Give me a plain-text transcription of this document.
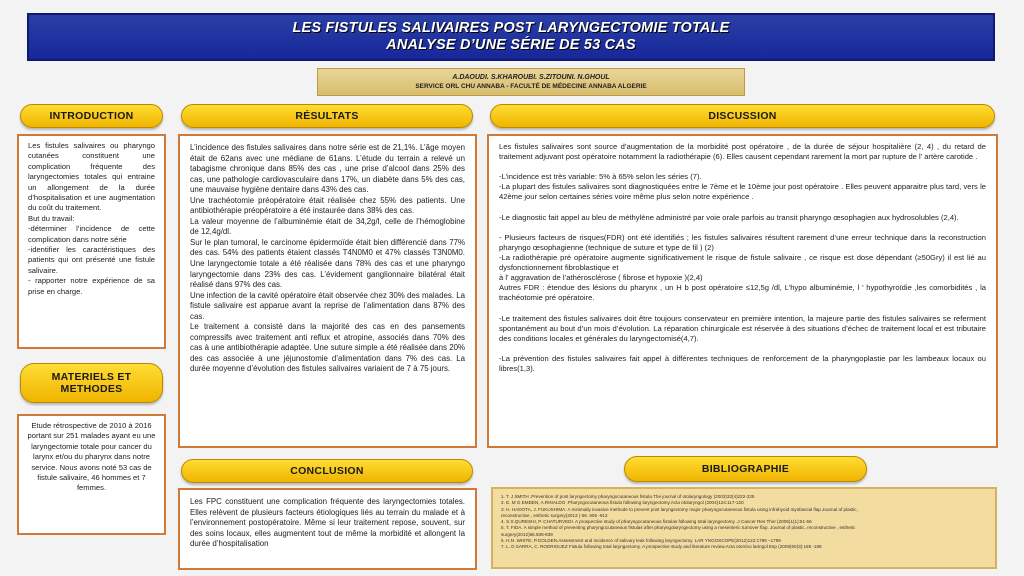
LES FISTULES SALIVAIRES POST LARYNGECTOMIE TOTALE
ANALYSE D’UNE SÉRIE DE 53 CAS
A.DAOUDI. S.KHAROUBI. S.ZITOUNI. N.GHOUL
SERVICE ORL CHU ANNABA - FACULTÉ DE MÉDECINE ANNABA ALGERIE
INTRODUCTION
Les fistules salivaires ou pharyngo cutanées constituent une complication fréquente des laryngectomies totales qui entraine un allongement de la durée d’hospitalisation et une augmentation du coût du traitement.
But du travail:
-déterminer l’incidence de cette complication dans notre série
-identifier les caractéristiques des patients qui ont présenté une fistule salivaire.
- rapporter notre expérience de sa prise en charge.
MATERIELS ET
METHODES
Etude rétrospective de 2010 à 2016 portant sur 251 malades ayant eu une laryngectomie totale pour cancer du larynx et/ou du pharynx dans notre service. Nous avons noté 53 cas de fistule salivaire, 46 hommes et 7 femmes.
RÉSULTATS
L’incidence des fistules salivaires dans notre série est de 21,1%. L’âge moyen était de 62ans avec une médiane de 61ans. L’étude du terrain a relevé un tabagisme chronique dans 85% des cas , une prise d’alcool dans 25% des cas, une pathologie cardiovasculaire dans 17%, un diabète dans 5% des cas, une mauvaise hygiène dentaire dans 43% des cas.
Une trachéotomie préopératoire était réalisée chez 55% des patients. Une antibiothérapie préopératoire a été instaurée dans 38% des cas.
La valeur moyenne de l’albuminémie était de 34,2g/l, celle de l’hémoglobine de 12,4g/dl.
Sur le plan tumoral, le carcinome épidermoïde était bien différencié dans 77% des cas. 54% des patients étaient classés T4N0M0 et 47% classés T3N0M0. Une laryngectomie totale a été réalisée dans 78% des cas et une pharyngo laryngectomie dans 23% des cas. L’évidement ganglionnaire bilatéral était réalisé dans 97% des cas.
Une infection de la cavité opératoire était observée chez 30% des malades. La fistule salivaire est apparue avant la reprise de l’alimentation dans 87% des cas.
Le traitement a consisté dans la majorité des cas en des pansements compressifs avec traitement anti reflux et atropine, associés dans 70% des cas à une antibiothérapie adaptée. Une suture simple a été réalisée dans 20% des cas associée à une jéjunostomie d’alimentation dans 7% des cas. La durée moyenne d’évolution des fistules salivaires variaient de 7 à 75 jours.
DISCUSSION

Les fistules salivaires sont source d’augmentation de la morbidité post opératoire , de la durée de séjour hospitalière (2, 4) , du retard de traitement adjuvant post opératoire notamment la radiothérapie (6). Elles causent cependant rarement la mort par rupture de l’ artère carotide .

-L’incidence est très variable: 5% à 65% selon les séries (7).

-La plupart des fistules salivaires sont diagnostiquées entre le 7ème et le 10ème jour post opératoire . Elles peuvent apparaitre plus tard, vers le 42ème jour selon certaines séries voire même plus selon notre expérience .

-Le diagnostic fait appel au bleu de méthylène administré par voie orale parfois au transit pharyngo œsophagien aux hydrosolubles (2,4).

- Plusieurs facteurs de risques(FDR) ont été identifiés ; les fistules salivaires résultent rarement d’une erreur technique dans la reconstruction pharyngo œsophagienne (technique de suture et type de fil ) (2)

-La radiothérapie pré opératoire augmente significativement le risque de fistule salivaire , ce risque est dose dépendant (≥50Gry) il est lié au dysfonctionnement fibroblastique et

à l’ aggravation de l’athérosclérose ( fibrose et hypoxie )(2,4)

Autres FDR : étendue des lésions du pharynx , un H b post opératoire ≤12,5g /dl, L’hypo albuminémie, l ’ hypothyroïdie ,les comorbidités , la trachéotomie pré opératoire.

-Le traitement des fistules salivaires doit être toujours conservateur en première intention, la majeure partie des fistules salivaires se referment spontanément au bout d’un mois d’évolution. La réparation chirurgicale est réservée à des situations d’échec de traitement local et est tributaire des conditions locales et générales du laryngectomisé(4,7).

-La prévention des fistules salivaires fait appel à différentes techniques de renforcement de la pharyngoplastie par les lambeaux locaux ou libres(1,3).

CONCLUSION
Les FPC constituent une complication fréquente des laryngectomies totales. Elles relèvent de plusieurs facteurs étiologiques liés au terrain du malade et à l’environnement postopératoire. Même si leur traitement repose, souvent, sur des soins locaux, elles augmentent tout de même la morbidité et allongent la durée d’hospitalisation
BIBLIOGRAPHIE
1. T. J SMITH .Prevention of post laryngectomy pharyngocutaneous fistula.The journal of otolaryngology (2003)32(4)222-225
2. E. M G EMDEN, A.RINALDO .Pharyngocutaneous fistula following laryngectomy.Acta otolaryngol (2004)124:117-120
3. H. HADOTA, J. FUKUSHIMA. A minimally invasive methode to prevent post laryngectomy major pharyngocutaneous fistula using infrahyoid myofascial flap.Journal of plastic,
reconstructive , esthetic surgery(2013 ) 66. 906 -913
4. S.S.QURESHI, P. CHATURVEDI. A prospective study of pharyngocutaneous fistulas following total laryngectomy .J Cancer Res Ther (2005)1(1):51-56
5. T. FIDA. A simple method of preventing pharyngocutaneous fistulas after pharyngolaryngectomy using a mesenteric turnover flap. Journal of plastic, reconstructive , esthetic
surgery(2012)65.836-839
6. H.N .WHITE, P.GOLDEN.Assessment and incidence of salivary leak following laryngectomy. LAR YNGOSCOPE(2012)122:1796 –1799
7. L. D SARRA, C. RODRIGUEZ Fistula following total laryngectomy. A prospective study and literature review.Acta otorrino laringol Esp (2009)60(3):186 -189
